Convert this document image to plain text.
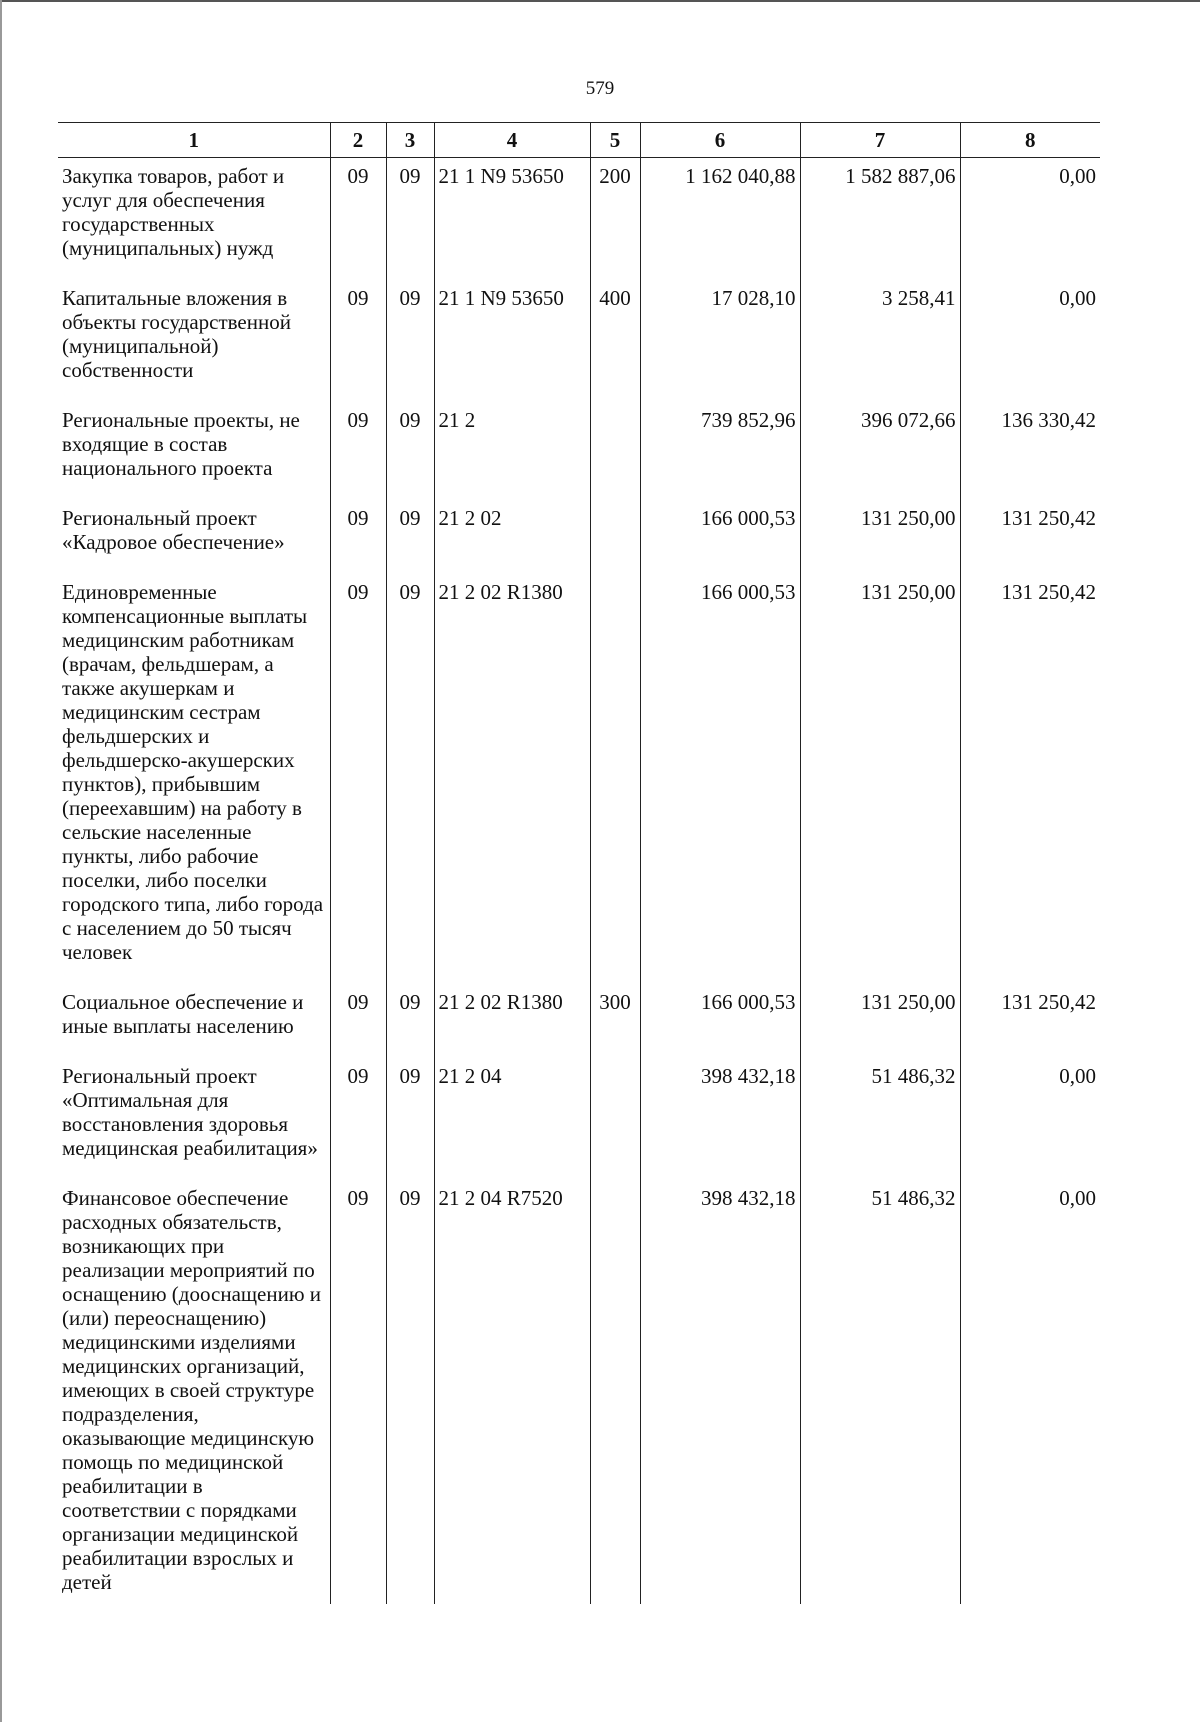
579
1	2	3	4	5	6	7	8
Закупка товаров, работ и услуг для обеспечения государственных (муниципальных) нужд	09	09	21 1 N9 53650	200	1 162 040,88	1 582 887,06	0,00
Капитальные вложения в объекты государственной (муниципальной) собственности	09	09	21 1 N9 53650	400	17 028,10	3 258,41	0,00
Региональные проекты, не входящие в состав национального проекта	09	09	21 2		739 852,96	396 072,66	136 330,42
Региональный проект «Кадровое обеспечение»	09	09	21 2 02		166 000,53	131 250,00	131 250,42
Единовременные компенсационные выплаты медицинским работникам (врачам, фельдшерам, а также акушеркам и медицинским сестрам фельдшерских и фельдшерско-акушерских пунктов), прибывшим (переехавшим) на работу в сельские населенные пункты, либо рабочие поселки, либо поселки городского типа, либо города с населением до 50 тысяч человек	09	09	21 2 02 R1380		166 000,53	131 250,00	131 250,42
Социальное обеспечение и иные выплаты населению	09	09	21 2 02 R1380	300	166 000,53	131 250,00	131 250,42
Региональный проект «Оптимальная для восстановления здоровья медицинская реабилитация»	09	09	21 2 04		398 432,18	51 486,32	0,00
Финансовое обеспечение расходных обязательств, возникающих при реализации мероприятий по оснащению (дооснащению и (или) переоснащению) медицинскими изделиями медицинских организаций, имеющих в своей структуре подразделения, оказывающие медицинскую помощь по медицинской реабилитации в соответствии с порядками организации медицинской реабилитации взрослых и детей	09	09	21 2 04 R7520		398 432,18	51 486,32	0,00
